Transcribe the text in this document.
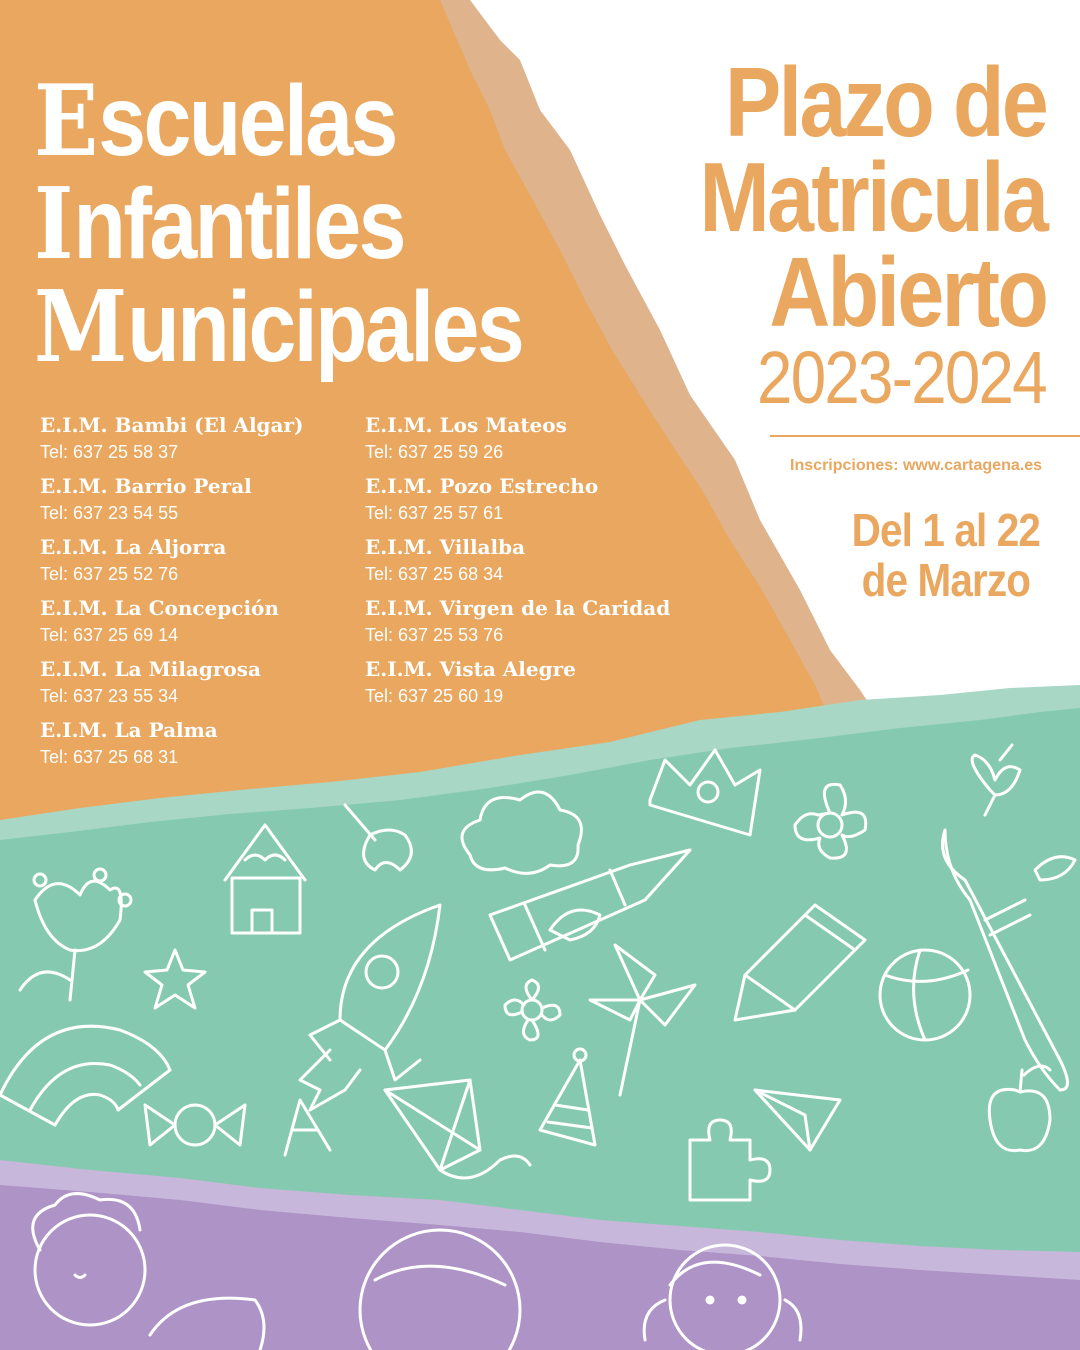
Escuelas
Infantiles
Municipales
E.I.M. Bambi (El Algar)
Tel: 637 25 58 37
E.I.M. Barrio Peral
Tel: 637 23 54 55
E.I.M. La Aljorra
Tel: 637 25 52 76
E.I.M. La Concepción
Tel: 637 25 69 14
E.I.M. La Milagrosa
Tel: 637 23 55 34
E.I.M. La Palma
Tel: 637 25 68 31
E.I.M. Los Mateos
Tel: 637 25 59 26
E.I.M. Pozo Estrecho
Tel: 637 25 57 61
E.I.M. Villalba
Tel: 637 25 68 34
E.I.M. Virgen de la Caridad
Tel: 637 25 53 76
E.I.M. Vista Alegre
Tel: 637 25 60 19
Plazo de
Matricula
Abierto
2023-2024
Inscripciones: www.cartagena.es
Del 1 al 22
de Marzo
